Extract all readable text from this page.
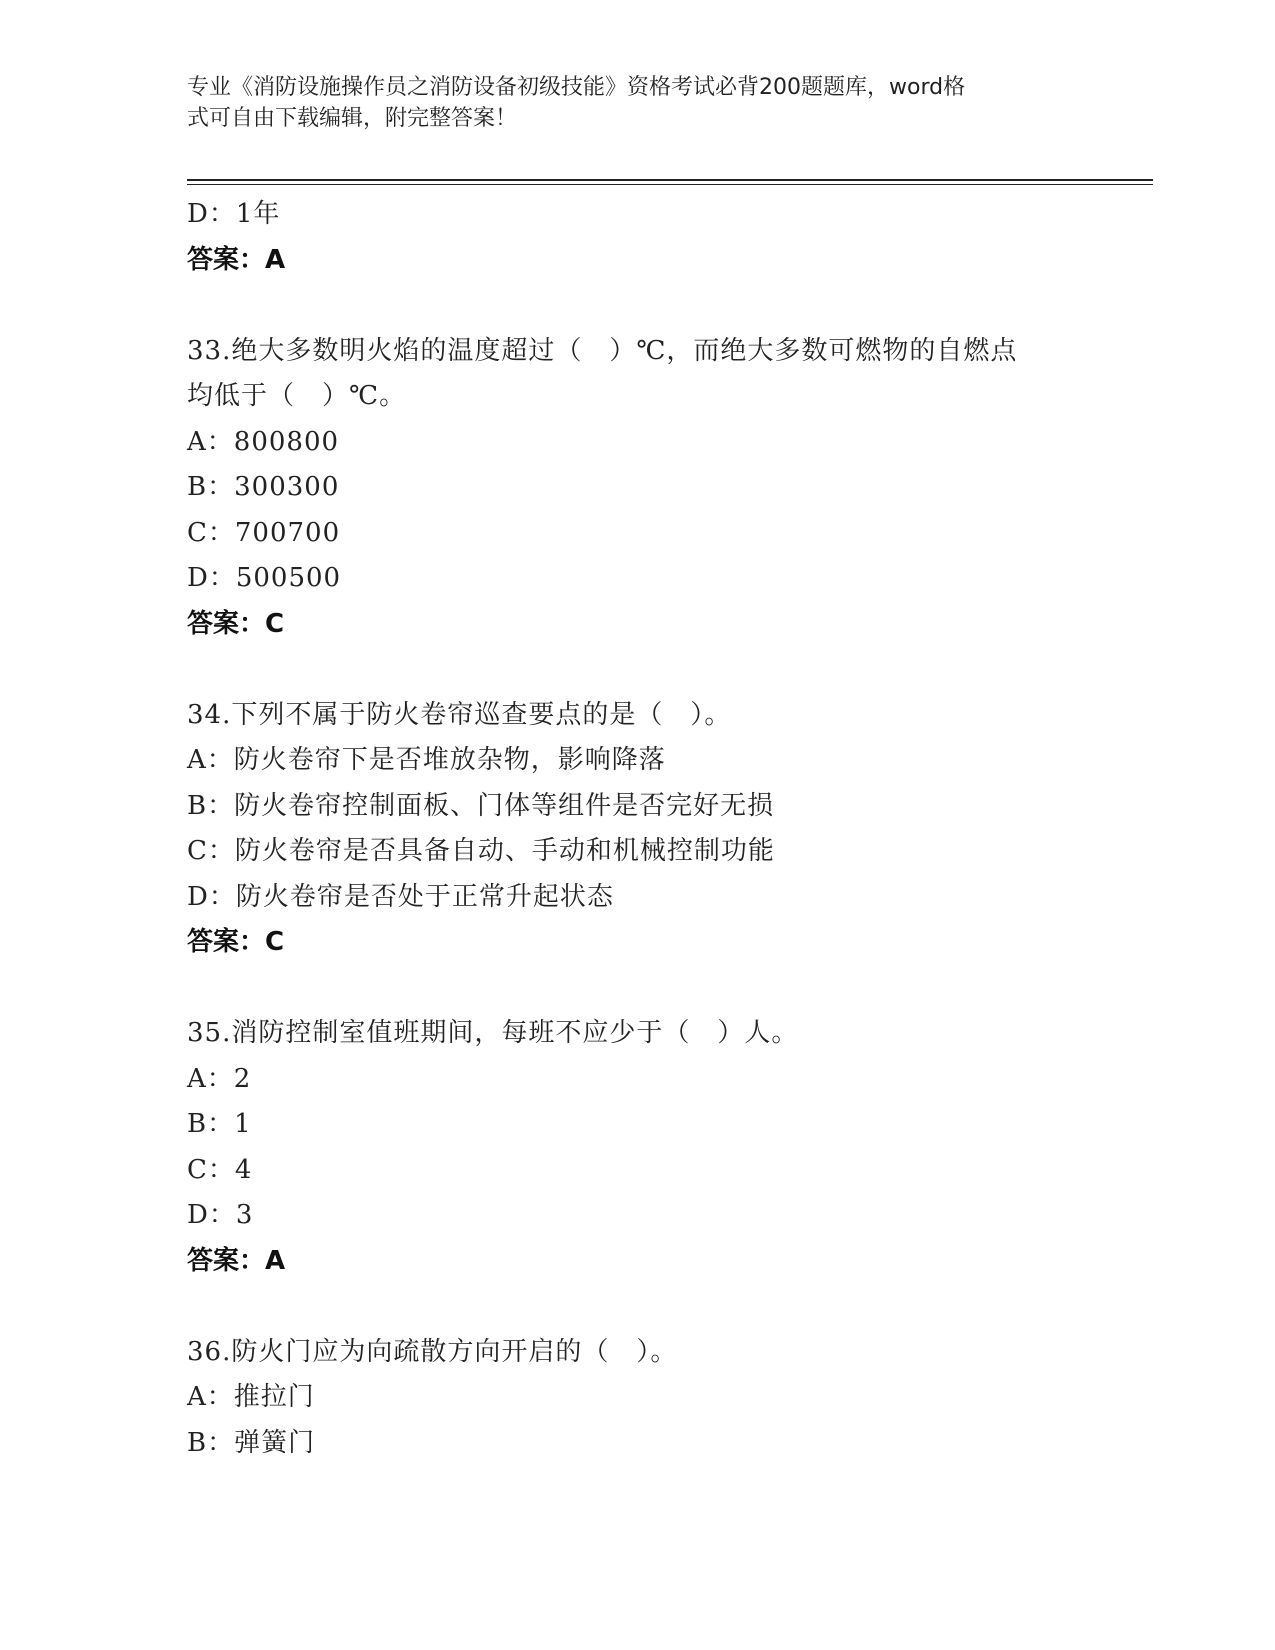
专业《消防设施操作员之消防设备初级技能》资格考试必背200题题库，word格
式可自由下载编辑，附完整答案！
D：1年
答案：A
33.绝大多数明火焰的温度超过（　）℃，而绝大多数可燃物的自燃点
均低于（　）℃。
A：800800
B：300300
C：700700
D：500500
答案：C
34.下列不属于防火卷帘巡查要点的是（　）。
A：防火卷帘下是否堆放杂物，影响降落
B：防火卷帘控制面板、门体等组件是否完好无损
C：防火卷帘是否具备自动、手动和机械控制功能
D：防火卷帘是否处于正常升起状态
答案：C
35.消防控制室值班期间，每班不应少于（　）人。
A：2
B：1
C：4
D：3
答案：A
36.防火门应为向疏散方向开启的（　）。
A：推拉门
B：弹簧门
